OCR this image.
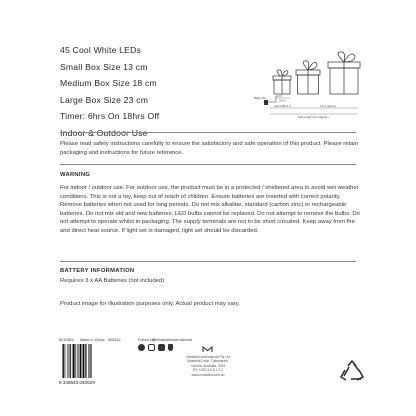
45 Cool White LEDs
Small Box Size 13 cm
Medium Box Size 18 cm
Large Box Size 23 cm
Timer: 6hrs On 18hrs Off
Indoor & Outdoor Use
Battery Box
30 cm
Lead Cable 3 m	1.5 m (approx.)
Total Length: 4.5 m (approx.)
Please read safety instructions carefully to ensure the satisfactory and safe operation of this product. Please retain packaging and instructions for future reference.
WARNING
For indoor / outdoor use. For outdoor use, the product must be in a protected / sheltered area to avoid wet weather conditions. This is not a toy, keep out of reach of children. Ensure batteries are inserted with correct polarity. Remove batteries when not used for long periods. Do not mix alkaline, standard (carbon zinc) or rechargeable batteries. Do not mix old and new batteries. LED bulbs cannot be replaced. Do not attempt to remove the bulbs. Do not attempt to operate whilst in packaging. The supply terminals are not to be short circuited. Keep away from fire and direct heat source. If light set is damaged, light set should be discarded.
BATTERY INFORMATION
Requires 3 x AA Batteries (not included)
Product image for illustration purposes only. Actual product may vary.
9 348643 040629
8015954 Made in China 806642	Follow Us!
@mirabellointernational
Mirabella International Pty Ltd
Mirabella Drive, Tullamarine,
Victoria, Australia, 3043
Ph: 1300 4 6 8 1 0 2
www.mirabella.com.au
